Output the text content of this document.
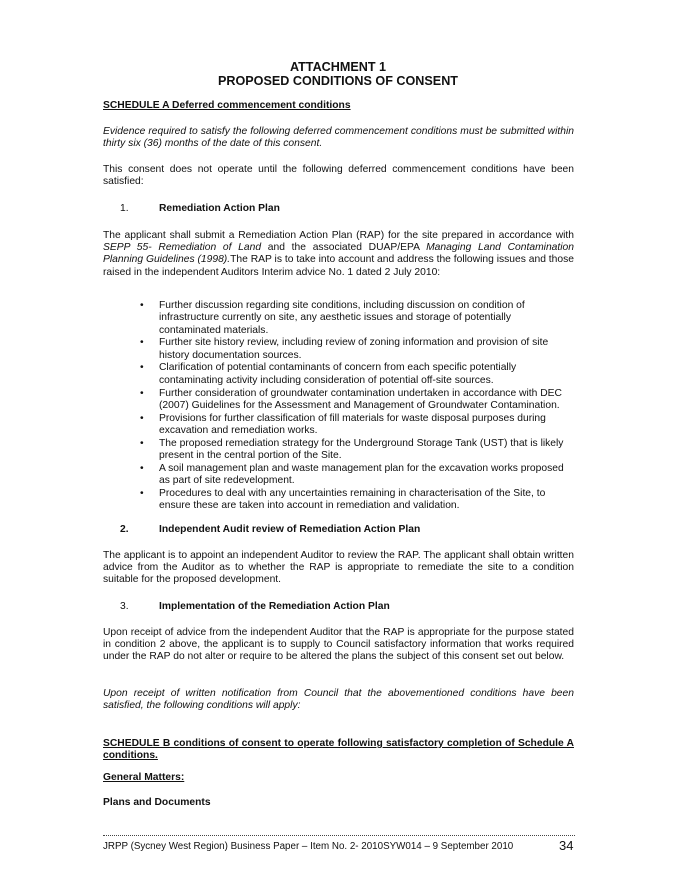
ATTACHMENT 1
PROPOSED CONDITIONS OF CONSENT

SCHEDULE A Deferred commencement conditions

Evidence required to satisfy the following deferred commencement conditions must be submitted within thirty six (36) months of the date of this consent.

This consent does not operate until the following deferred commencement conditions have been satisfied:

1.	Remediation Action Plan

The applicant shall submit a Remediation Action Plan (RAP) for the site prepared in accordance with SEPP 55- Remediation of Land and the associated DUAP/EPA Managing Land Contamination Planning Guidelines (1998).The RAP is to take into account and address the following issues and those raised in the independent Auditors Interim advice No. 1 dated 2 July 2010:

• Further discussion regarding site conditions, including discussion on condition of infrastructure currently on site, any aesthetic issues and storage of potentially contaminated materials.
• Further site history review, including review of zoning information and provision of site history documentation sources.
• Clarification of potential contaminants of concern from each specific potentially contaminating activity including consideration of potential off-site sources.
• Further consideration of groundwater contamination undertaken in accordance with DEC (2007) Guidelines for the Assessment and Management of Groundwater Contamination.
• Provisions for further classification of fill materials for waste disposal purposes during excavation and remediation works.
• The proposed remediation strategy for the Underground Storage Tank (UST) that is likely present in the central portion of the Site.
• A soil management plan and waste management plan for the excavation works proposed as part of site redevelopment.
• Procedures to deal with any uncertainties remaining in characterisation of the Site, to ensure these are taken into account in remediation and validation.
2.	Independent Audit review of Remediation Action Plan

The applicant is to appoint an independent Auditor to review the RAP. The applicant shall obtain written advice from the Auditor as to whether the RAP is appropriate to remediate the site to a condition suitable for the proposed development.

3.	Implementation of the Remediation Action Plan

Upon receipt of advice from the independent Auditor that the RAP is appropriate for the purpose stated in condition 2 above, the applicant is to supply to Council satisfactory information that works required under the RAP do not alter or require to be altered the plans the subject of this consent set out below.

Upon receipt of written notification from Council that the abovementioned conditions have been satisfied, the following conditions will apply:

SCHEDULE B conditions of consent to operate following satisfactory completion of Schedule A conditions.

General Matters:

Plans and Documents

JRPP (Sycney West Region) Business Paper – Item No. 2- 2010SYW014 – 9 September 2010	34
